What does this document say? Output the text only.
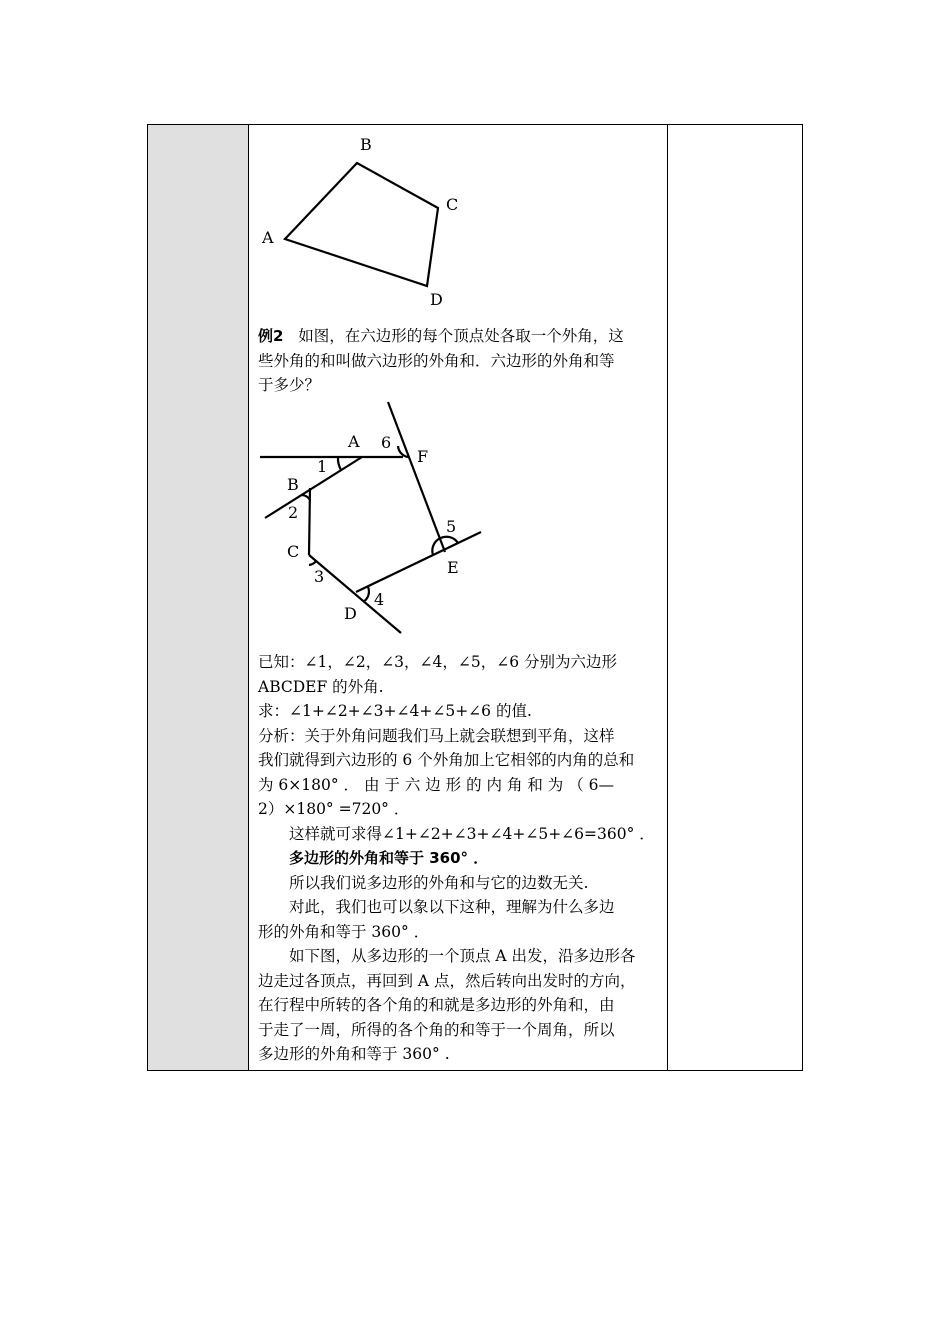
A
B
C
D
例2 如图，在六边形的每个顶点处各取一个外角，这
些外角的和叫做六边形的外角和．六边形的外角和等
于多少？
A
B
C
D
E
F
1
2
3
4
5
6
已知：∠1，∠2，∠3，∠4，∠5，∠6 分别为六边形
ABCDEF 的外角.
求：∠1+∠2+∠3+∠4+∠5+∠6 的值.
分析：关于外角问题我们马上就会联想到平角，这样
我们就得到六边形的 6 个外角加上它相邻的内角的总和
为 6×180° ． 由 于 六 边 形 的 内 角 和 为 （ 6—
2）×180° =720° ．
这样就可求得∠1+∠2+∠3+∠4+∠5+∠6=360° ．
多边形的外角和等于 360° ．
所以我们说多边形的外角和与它的边数无关.
对此，我们也可以象以下这种，理解为什么多边
形的外角和等于 360° ．
如下图，从多边形的一个顶点 A 出发，沿多边形各
边走过各顶点，再回到 A 点，然后转向出发时的方向，
在行程中所转的各个角的和就是多边形的外角和，由
于走了一周，所得的各个角的和等于一个周角，所以
多边形的外角和等于 360° .
